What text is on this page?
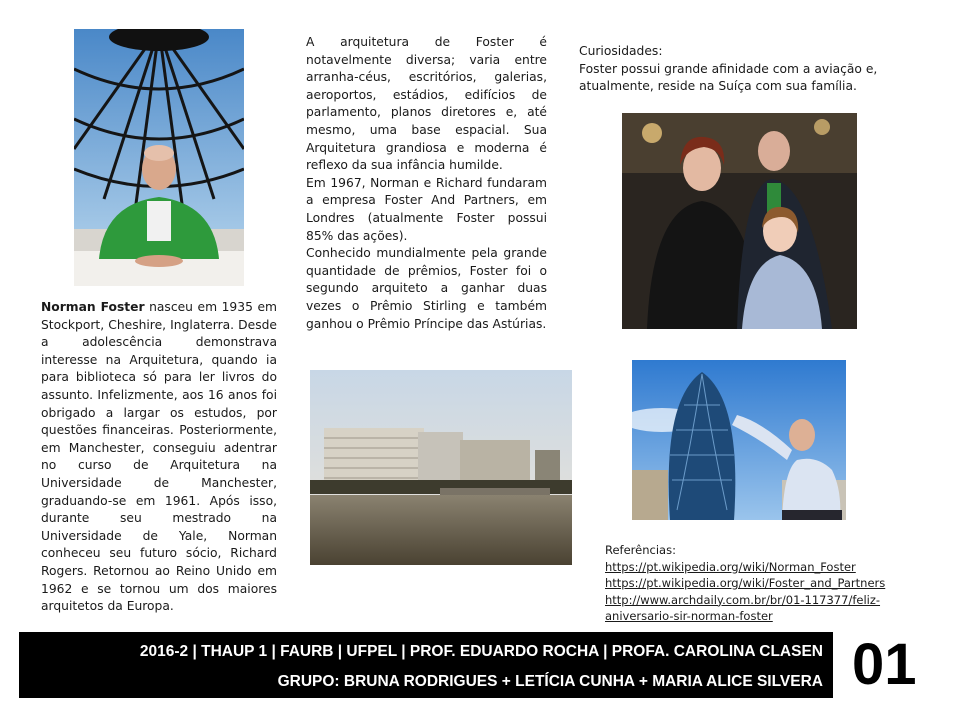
Norman Foster nasceu em 1935 em Stockport, Cheshire, Inglaterra. Desde a adolescência demonstrava interesse na Arquitetura, quando ia para biblioteca só para ler livros do assunto. Infelizmente, aos 16 anos foi obrigado a largar os estudos, por questões financeiras. Posteriormente, em Manchester, conseguiu adentrar no curso de Arquitetura na Universidade de Manchester, graduando-se em 1961. Após isso, durante seu mestrado na Universidade de Yale, Norman conheceu seu futuro sócio, Richard Rogers. Retornou ao Reino Unido em 1962 e se tornou um dos maiores arquitetos da Europa.

A arquitetura de Foster é notavelmente diversa; varia entre arranha-céus, escritórios, galerias, aeroportos, estádios, edifícios de parlamento, planos diretores e, até mesmo, uma base espacial. Sua Arquitetura grandiosa e moderna é reflexo da sua infância humilde.

Em 1967, Norman e Richard fundaram a empresa Foster And Partners, em Londres (atualmente Foster possui 85% das ações).

Conhecido mundialmente pela grande quantidade de prêmios, Foster foi o segundo arquiteto a ganhar duas vezes o Prêmio Stirling e também ganhou o Prêmio Príncipe das Astúrias.

Curiosidades:

Foster possui grande afinidade com a aviação e, atualmente, reside na Suíça com sua família.

Referências:

https://pt.wikipedia.org/wiki/Norman_Foster
https://pt.wikipedia.org/wiki/Foster_and_Partners
http://www.archdaily.com.br/br/01-117377/feliz-
aniversario-sir-norman-foster
2016-2 | THAUP 1 | FAURB | UFPEL | PROF. EDUARDO ROCHA | PROFA. CAROLINA CLASEN
GRUPO: BRUNA RODRIGUES + LETÍCIA CUNHA + MARIA ALICE SILVERA 01
